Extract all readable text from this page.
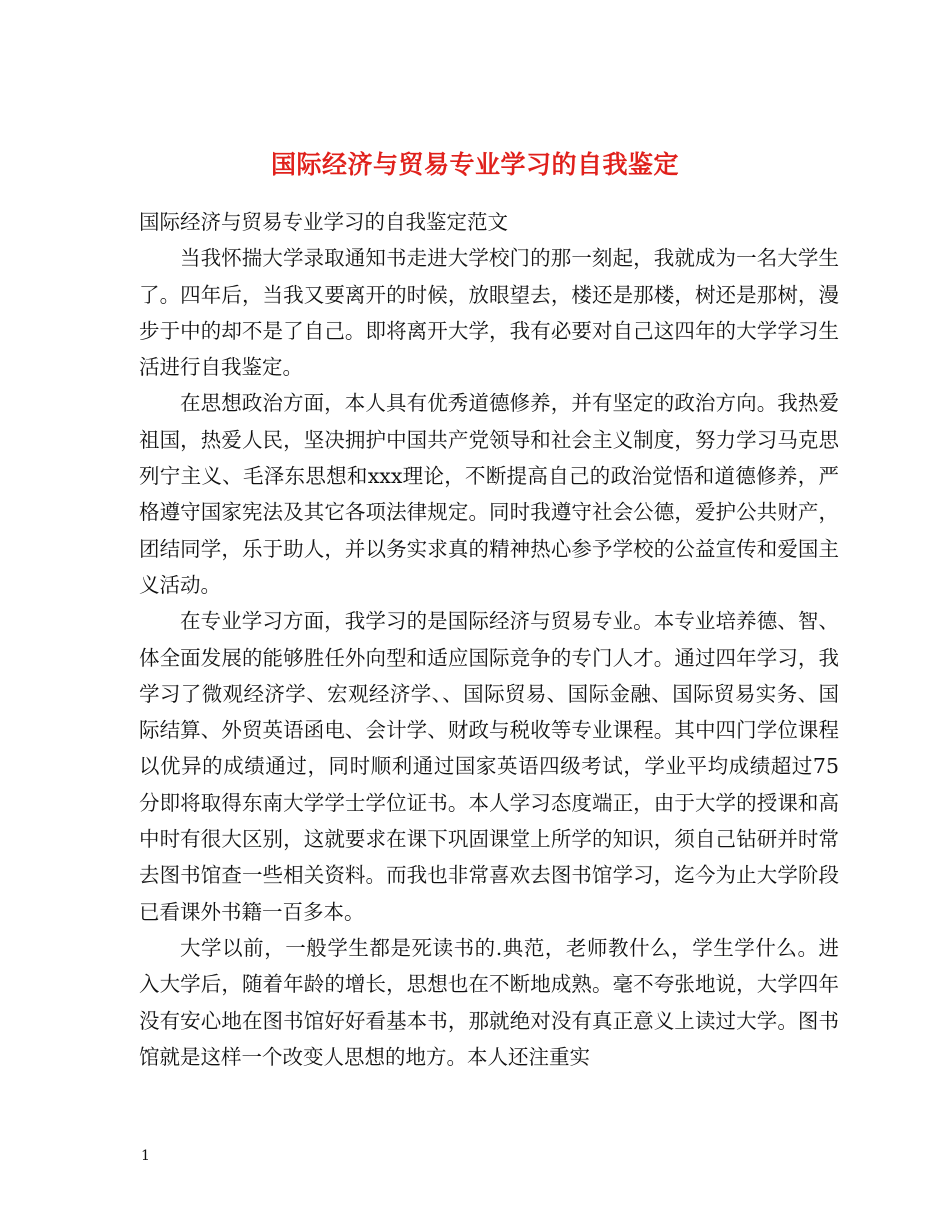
国际经济与贸易专业学习的自我鉴定

国际经济与贸易专业学习的自我鉴定范文

当我怀揣大学录取通知书走进大学校门的那一刻起，我就成为一名大学生了。四年后，当我又要离开的时候，放眼望去，楼还是那楼，树还是那树，漫步于中的却不是了自己。即将离开大学，我有必要对自己这四年的大学学习生活进行自我鉴定。

在思想政治方面，本人具有优秀道德修养，并有坚定的政治方向。我热爱祖国，热爱人民，坚决拥护中国共产党领导和社会主义制度，努力学习马克思列宁主义、毛泽东思想和xxx理论，不断提高自己的政治觉悟和道德修养，严格遵守国家宪法及其它各项法律规定。同时我遵守社会公德，爱护公共财产，团结同学，乐于助人，并以务实求真的精神热心参予学校的公益宣传和爱国主义活动。

在专业学习方面，我学习的是国际经济与贸易专业。本专业培养德、智、体全面发展的能够胜任外向型和适应国际竞争的专门人才。通过四年学习，我学习了微观经济学、宏观经济学、、国际贸易、国际金融、国际贸易实务、国际结算、外贸英语函电、会计学、财政与税收等专业课程。其中四门学位课程以优异的成绩通过，同时顺利通过国家英语四级考试，学业平均成绩超过75分即将取得东南大学学士学位证书。本人学习态度端正，由于大学的授课和高中时有很大区别，这就要求在课下巩固课堂上所学的知识，须自己钻研并时常去图书馆查一些相关资料。而我也非常喜欢去图书馆学习，迄今为止大学阶段已看课外书籍一百多本。

大学以前，一般学生都是死读书的.典范，老师教什么，学生学什么。进入大学后，随着年龄的增长，思想也在不断地成熟。毫不夸张地说，大学四年没有安心地在图书馆好好看基本书，那就绝对没有真正意义上读过大学。图书馆就是这样一个改变人思想的地方。本人还注重实

1
